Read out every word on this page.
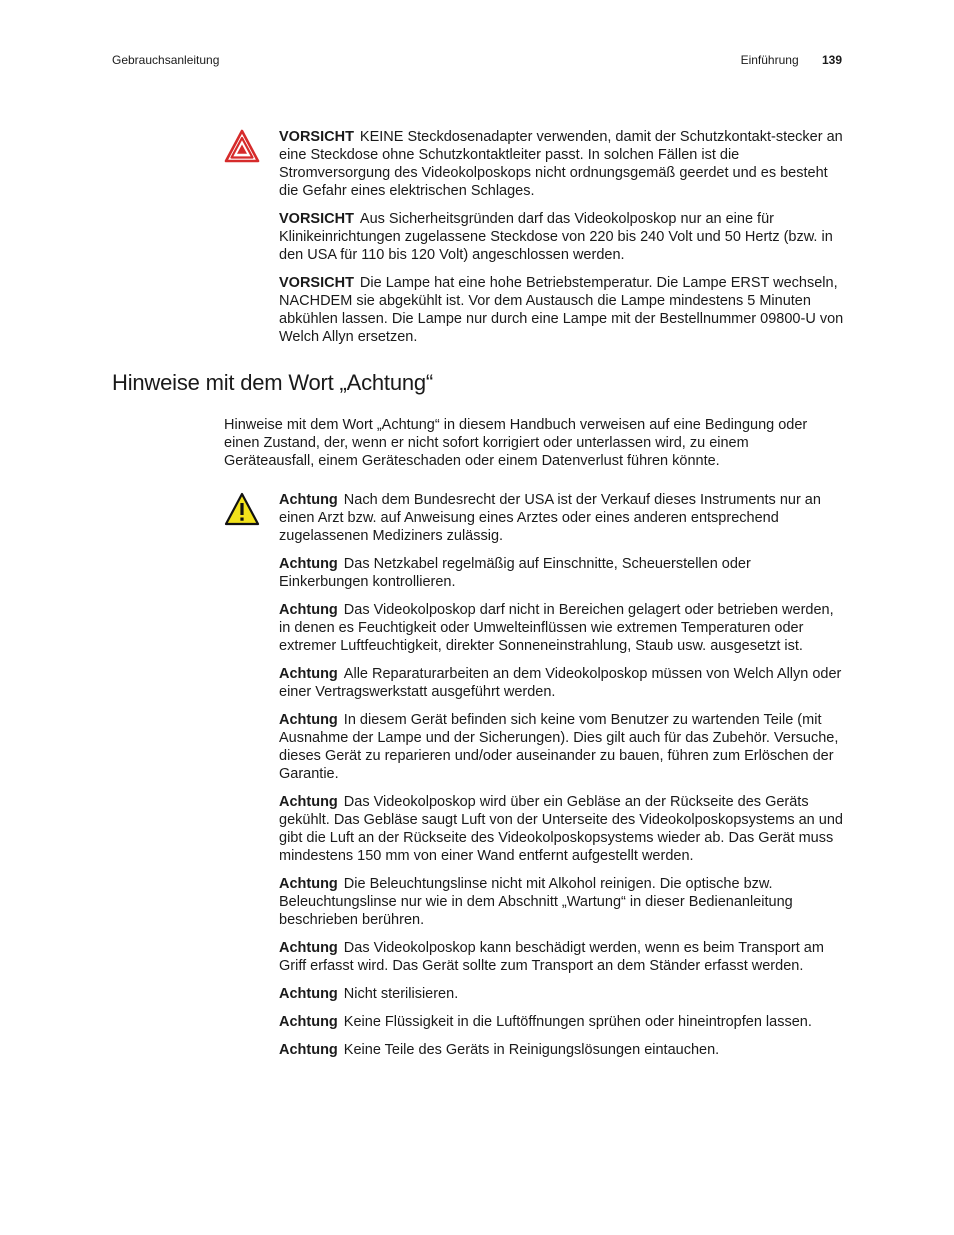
Gebrauchsanleitung	Einführung 139

VORSICHT KEINE Steckdosenadapter verwenden, damit der Schutzkontakt-stecker an eine Steckdose ohne Schutzkontaktleiter passt. In solchen Fällen ist die Stromversorgung des Videokolposkops nicht ordnungsgemäß geerdet und es besteht die Gefahr eines elektrischen Schlages.

VORSICHT Aus Sicherheitsgründen darf das Videokolposkop nur an eine für Klinikeinrichtungen zugelassene Steckdose von 220 bis 240 Volt und 50 Hertz (bzw. in den USA für 110 bis 120 Volt) angeschlossen werden.

VORSICHT Die Lampe hat eine hohe Betriebstemperatur. Die Lampe ERST wechseln, NACHDEM sie abgekühlt ist. Vor dem Austausch die Lampe mindestens 5 Minuten abkühlen lassen. Die Lampe nur durch eine Lampe mit der Bestellnummer 09800-U von Welch Allyn ersetzen.

Hinweise mit dem Wort „Achtung“

Hinweise mit dem Wort „Achtung“ in diesem Handbuch verweisen auf eine Bedingung oder einen Zustand, der, wenn er nicht sofort korrigiert oder unterlassen wird, zu einem Geräteausfall, einem Geräteschaden oder einem Datenverlust führen könnte.

Achtung Nach dem Bundesrecht der USA ist der Verkauf dieses Instruments nur an einen Arzt bzw. auf Anweisung eines Arztes oder eines anderen entsprechend zugelassenen Mediziners zulässig.

Achtung Das Netzkabel regelmäßig auf Einschnitte, Scheuerstellen oder Einkerbungen kontrollieren.

Achtung Das Videokolposkop darf nicht in Bereichen gelagert oder betrieben werden, in denen es Feuchtigkeit oder Umwelteinflüssen wie extremen Temperaturen oder extremer Luftfeuchtigkeit, direkter Sonneneinstrahlung, Staub usw. ausgesetzt ist.

Achtung Alle Reparaturarbeiten an dem Videokolposkop müssen von Welch Allyn oder einer Vertragswerkstatt ausgeführt werden.

Achtung In diesem Gerät befinden sich keine vom Benutzer zu wartenden Teile (mit Ausnahme der Lampe und der Sicherungen). Dies gilt auch für das Zubehör. Versuche, dieses Gerät zu reparieren und/oder auseinander zu bauen, führen zum Erlöschen der Garantie.

Achtung Das Videokolposkop wird über ein Gebläse an der Rückseite des Geräts gekühlt. Das Gebläse saugt Luft von der Unterseite des Videokolposkopsystems an und gibt die Luft an der Rückseite des Videokolposkopsystems wieder ab. Das Gerät muss mindestens 150 mm von einer Wand entfernt aufgestellt werden.

Achtung Die Beleuchtungslinse nicht mit Alkohol reinigen. Die optische bzw. Beleuchtungslinse nur wie in dem Abschnitt „Wartung“ in dieser Bedienanleitung beschrieben berühren.

Achtung Das Videokolposkop kann beschädigt werden, wenn es beim Transport am Griff erfasst wird. Das Gerät sollte zum Transport an dem Ständer erfasst werden.

Achtung Nicht sterilisieren.

Achtung Keine Flüssigkeit in die Luftöffnungen sprühen oder hineintropfen lassen.

Achtung Keine Teile des Geräts in Reinigungslösungen eintauchen.
